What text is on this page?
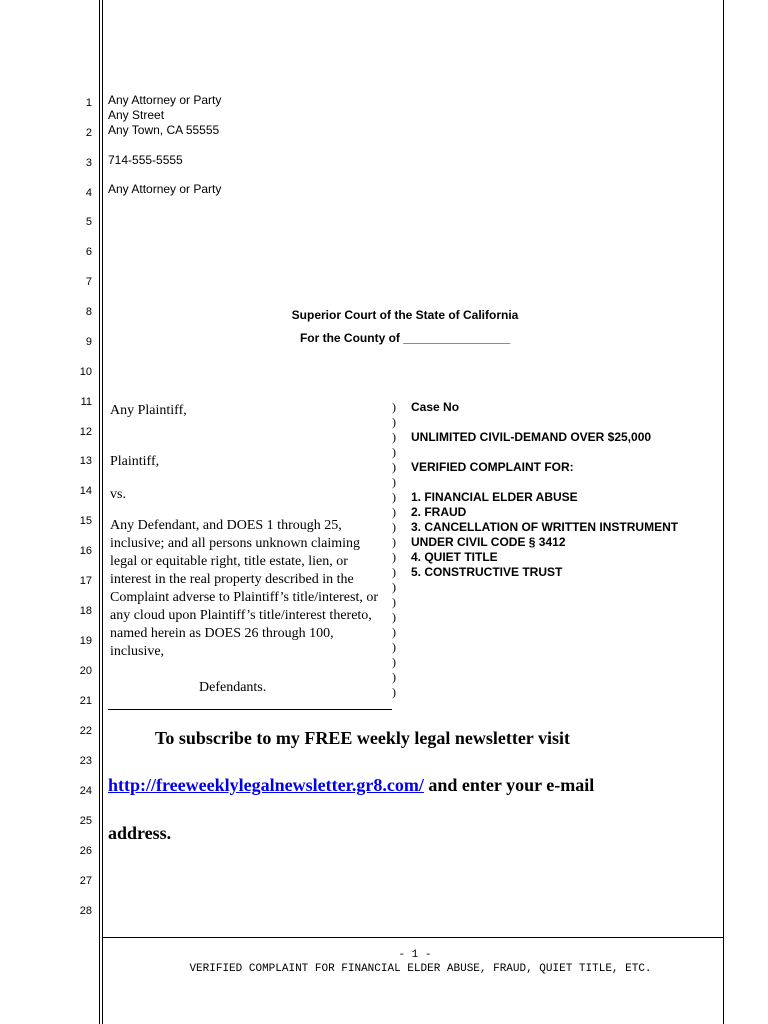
1
2
3
4
5
6
7
8
9
10
11
12
13
14
15
16
17
18
19
20
21
22
23
24
25
26
27
28
Any Attorney or Party
Any Street
Any Town, CA 55555
714-555-5555
Any Attorney or Party
Superior Court of the State of California
For the County of ________________
Any Plaintiff,
Plaintiff,
vs.
Any Defendant, and DOES 1 through 25, inclusive; and all persons unknown claiming legal or equitable right, title estate, lien, or interest in the real property described in the Complaint adverse to Plaintiff’s title/interest, or any cloud upon Plaintiff’s title/interest thereto, named herein as DOES 26 through 100, inclusive,
Defendants.
)
)
)
)
)
)
)
)
)
)
)
)
)
)
)
)
)
)
)
)
Case No
UNLIMITED CIVIL-DEMAND OVER $25,000
VERIFIED COMPLAINT FOR:
1. FINANCIAL ELDER ABUSE
2. FRAUD
3. CANCELLATION OF WRITTEN INSTRUMENT
UNDER CIVIL CODE § 3412
4. QUIET TITLE
5. CONSTRUCTIVE TRUST
To subscribe to my FREE weekly legal newsletter visit
http://freeweeklylegalnewsletter.gr8.com/ and enter your e-mail
address.
- 1 -
VERIFIED COMPLAINT FOR FINANCIAL ELDER ABUSE, FRAUD, QUIET TITLE, ETC.
